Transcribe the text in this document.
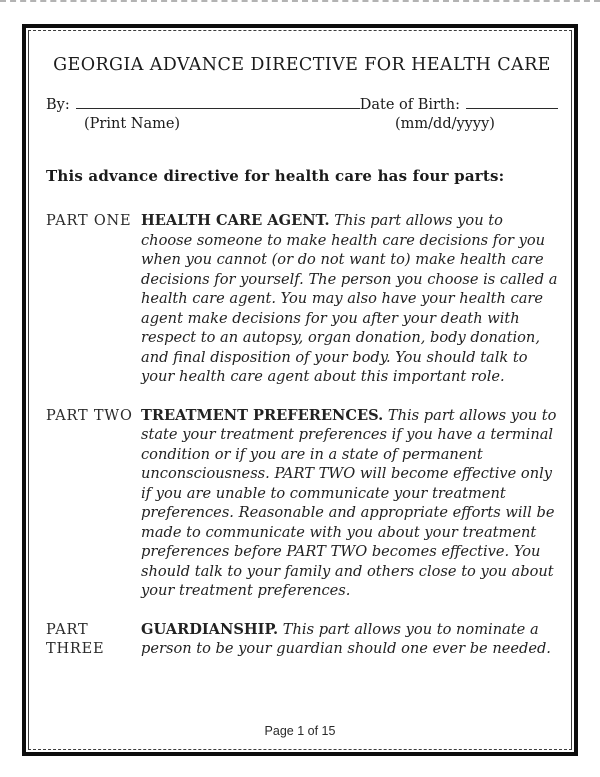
GEORGIA ADVANCE DIRECTIVE FOR HEALTH CARE
By:	Date of Birth:
(Print Name)	(mm/dd/yyyy)
This advance directive for health care has four parts:
PART ONE HEALTH CARE AGENT. This part allows you to choose someone to make health care decisions for you when you cannot (or do not want to) make health care decisions for yourself. The person you choose is called a health care agent. You may also have your health care agent make decisions for you after your death with respect to an autopsy, organ donation, body donation, and final disposition of your body. You should talk to your health care agent about this important role.

PART TWO TREATMENT PREFERENCES. This part allows you to state your treatment preferences if you have a terminal condition or if you are in a state of permanent unconsciousness. PART TWO will become effective only if you are unable to communicate your treatment preferences. Reasonable and appropriate efforts will be made to communicate with you about your treatment preferences before PART TWO becomes effective. You should talk to your family and others close to you about your treatment preferences.

PART THREE

GUARDIANSHIP. This part allows you to nominate a person to be your guardian should one ever be needed.

Page 1 of 15
